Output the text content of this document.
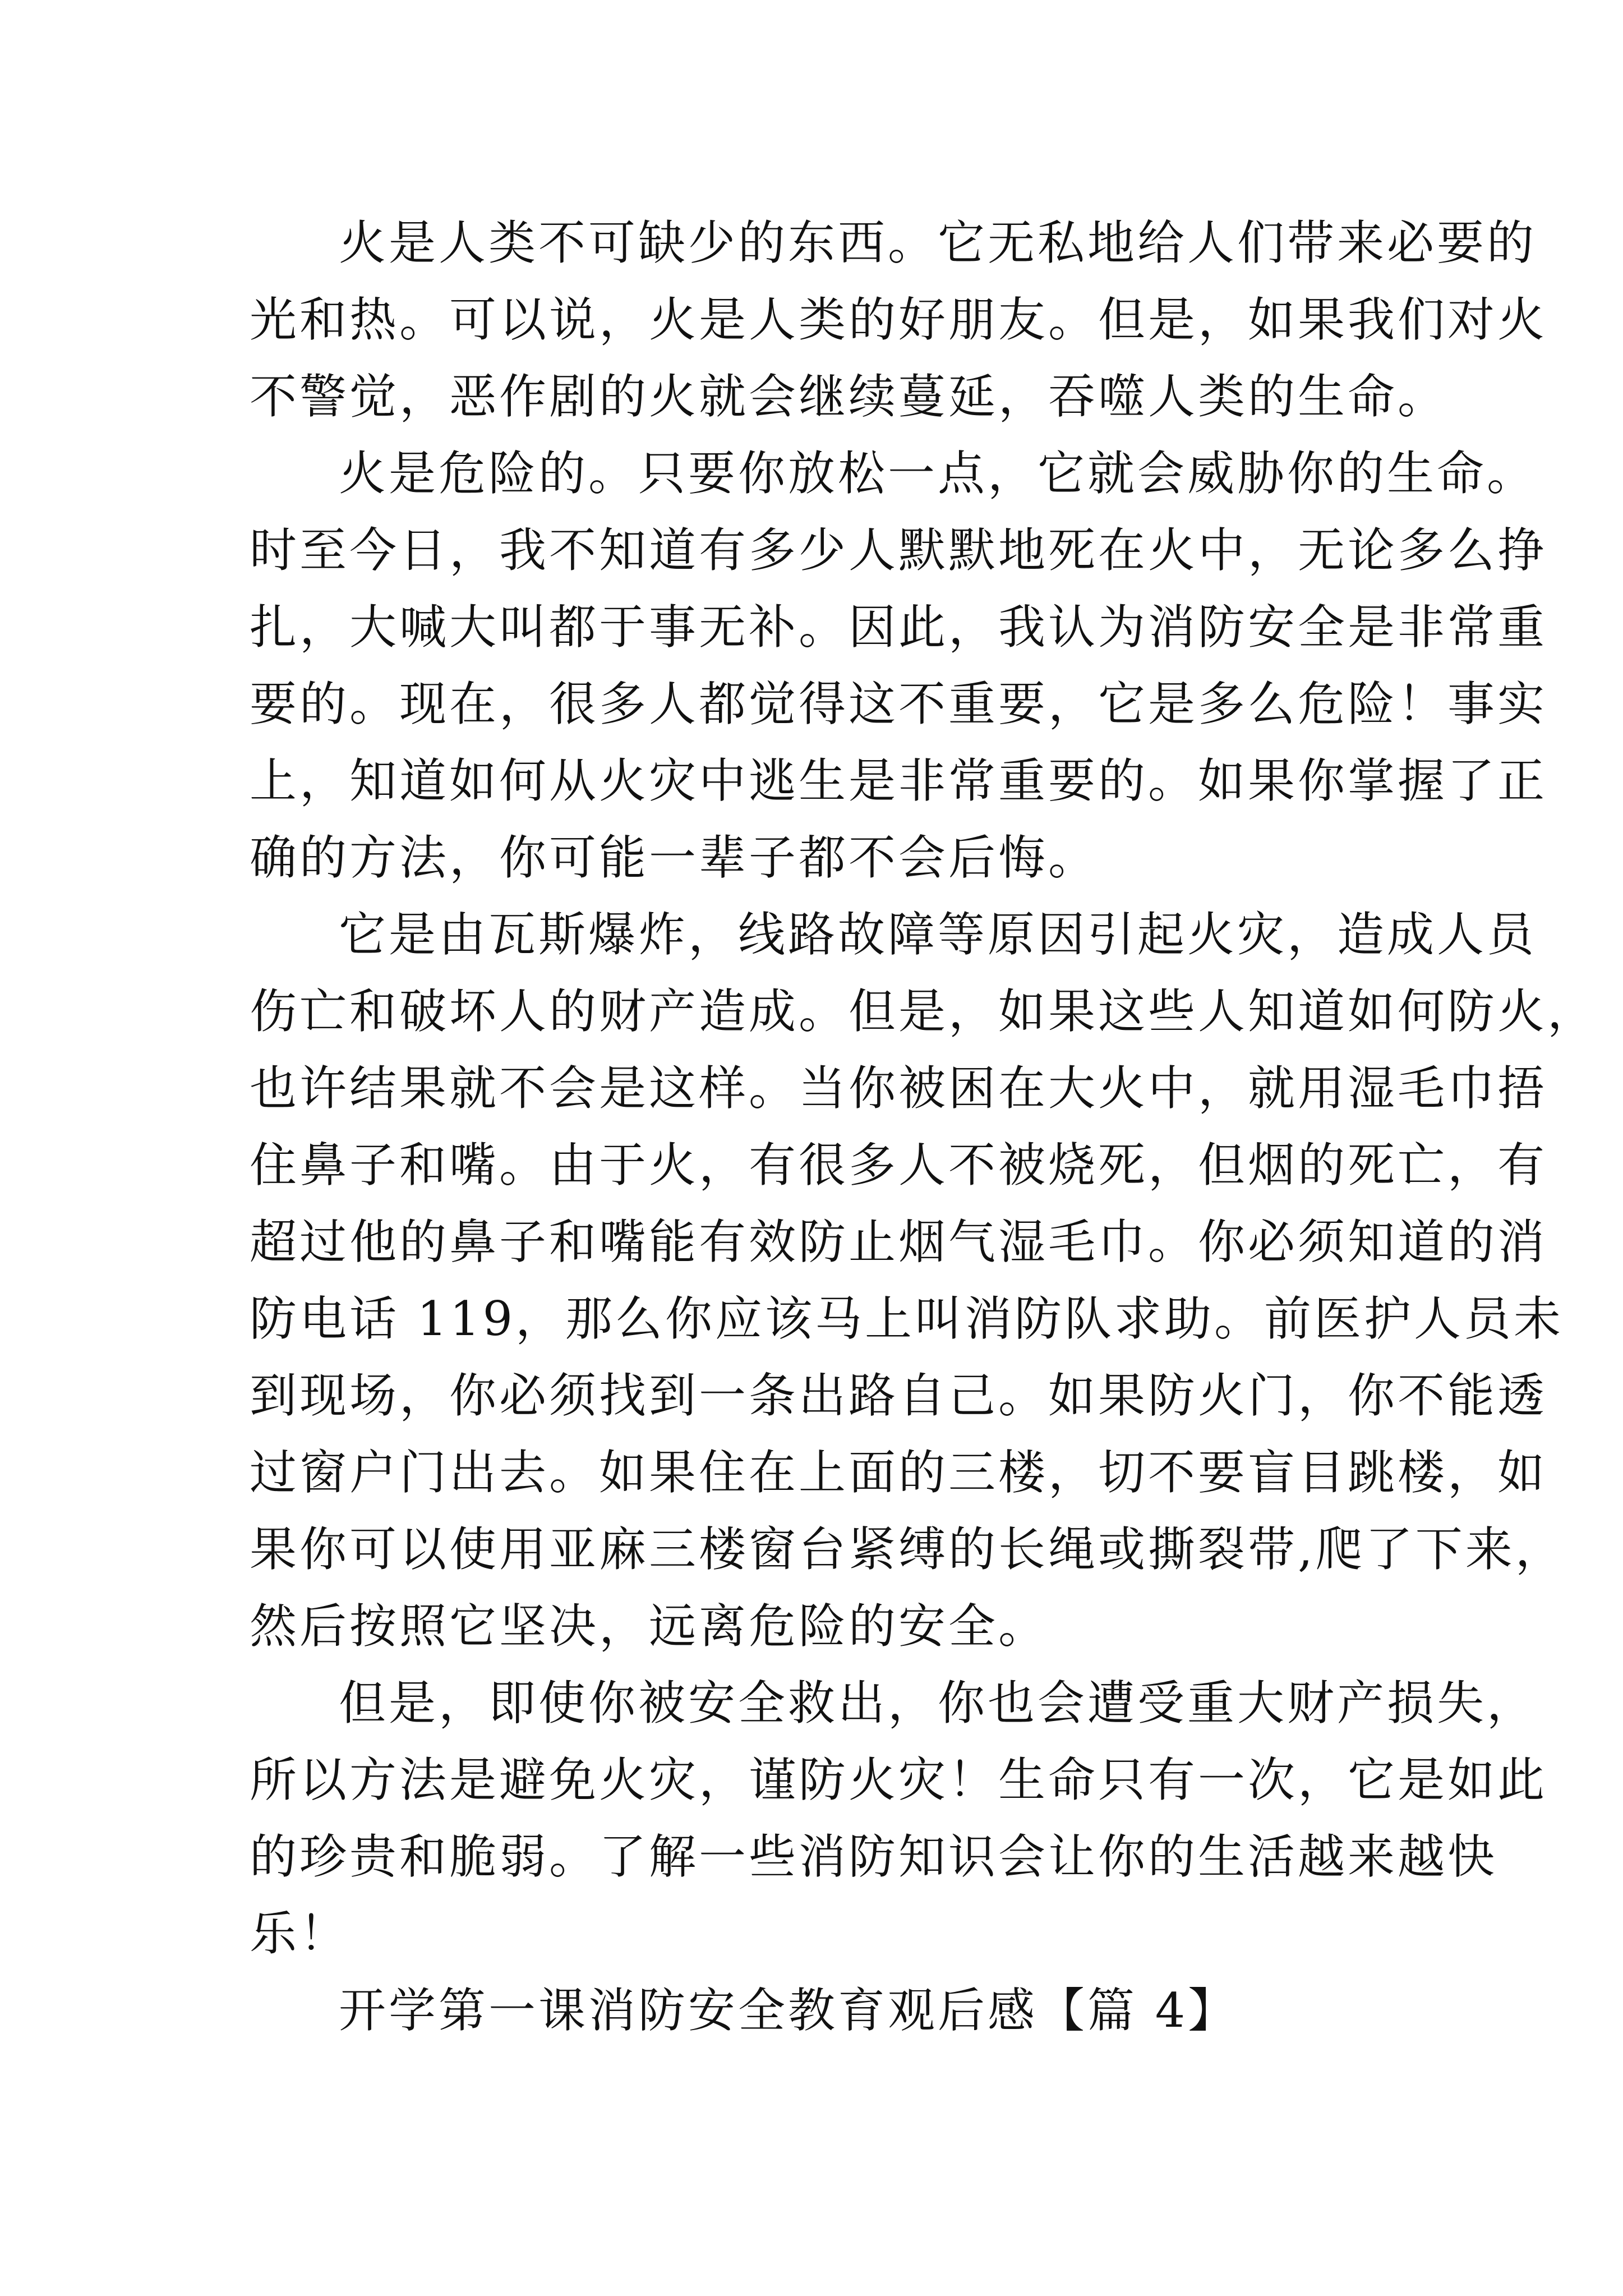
火是人类不可缺少的东西。它无私地给人们带来必要的
光和热。可以说，火是人类的好朋友。但是，如果我们对火
不警觉，恶作剧的火就会继续蔓延，吞噬人类的生命。
火是危险的。只要你放松一点，它就会威胁你的生命。
时至今日，我不知道有多少人默默地死在火中，无论多么挣
扎，大喊大叫都于事无补。因此，我认为消防安全是非常重
要的。现在，很多人都觉得这不重要，它是多么危险！事实
上，知道如何从火灾中逃生是非常重要的。如果你掌握了正
确的方法，你可能一辈子都不会后悔。
它是由瓦斯爆炸，线路故障等原因引起火灾，造成人员
伤亡和破坏人的财产造成。但是，如果这些人知道如何防火，
也许结果就不会是这样。当你被困在大火中，就用湿毛巾捂
住鼻子和嘴。由于火，有很多人不被烧死，但烟的死亡，有
超过他的鼻子和嘴能有效防止烟气湿毛巾。你必须知道的消
防电话 119，那么你应该马上叫消防队求助。前医护人员未
到现场，你必须找到一条出路自己。如果防火门，你不能透
过窗户门出去。如果住在上面的三楼，切不要盲目跳楼，如
果你可以使用亚麻三楼窗台紧缚的长绳或撕裂带,爬了下来，
然后按照它坚决，远离危险的安全。
但是，即使你被安全救出，你也会遭受重大财产损失，
所以方法是避免火灾，谨防火灾！生命只有一次，它是如此
的珍贵和脆弱。了解一些消防知识会让你的生活越来越快
乐！
开学第一课消防安全教育观后感【篇 4】
